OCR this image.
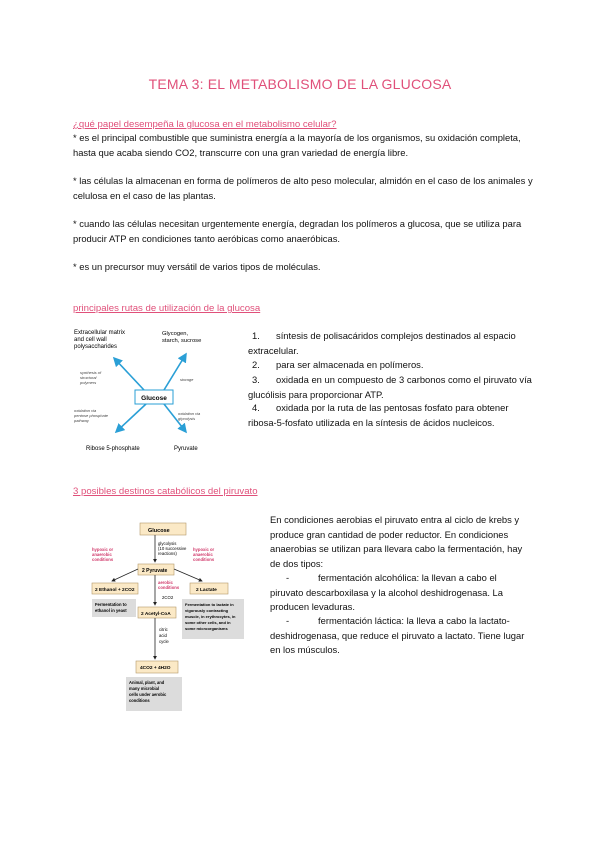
TEMA 3: EL METABOLISMO DE LA GLUCOSA
¿qué papel desempeña la glucosa en el metabolismo celular?
* es el principal combustible que suministra energía a la mayoría de los organismos, su oxidación completa, hasta que acaba siendo CO2, transcurre con una gran variedad de energía libre.
* las células la almacenan en forma de polímeros de alto peso molecular, almidón en el caso de los animales y celulosa en el caso de las plantas.
* cuando las células necesitan urgentemente energía, degradan los polímeros a glucosa, que se utiliza para producir ATP en condiciones tanto aeróbicas como anaeróbicas.
* es un precursor muy versátil de varios tipos de moléculas.
principales rutas de utilización de la glucosa
Glucose
Extracellular matrix
and cell wall
polysaccharides
Glycogen,
starch, sucrose
synthesis of
structural
polymers
storage
oxidation via
pentose phosphate
pathway
oxidation via
glycolysis
Ribose 5-phosphate	Pyruvate
1. síntesis de polisacáridos complejos destinados al espacio extracelular.
2. para ser almacenada en polímeros.
3. oxidada en un compuesto de 3 carbonos como el piruvato vía glucólisis para proporcionar ATP.
4. oxidada por la ruta de las pentosas fosfato para obtener ribosa-5-fosfato utilizada en la síntesis de ácidos nucleicos.
3 posibles destinos catabólicos del piruvato
Glucose
glycolysis
(10 successive
reactions)
2 Pyruvate
hypoxic or
anaerobic
conditions
hypoxic or
anaerobic
conditions
aerobic
conditions
2CO2
2 Ethanol + 2CO2	2 Lactate
Fermentation to
ethanol in yeast
Fermentation to lactate in
vigorously contracting
muscle, in erythrocytes, in
some other cells, and in
some microorganisms
2 Acetyl-CoA
citric
acid
cycle
4CO2 + 4H2O
Animal, plant, and
many microbial
cells under aerobic
conditions
En condiciones aerobias el piruvato entra al ciclo de krebs y produce gran cantidad de poder reductor. En condiciones anaerobias se utilizan para llevara cabo la fermentación, hay de dos tipos:
-	fermentación alcohólica: la llevan a cabo el piruvato descarboxilasa y la alcohol deshidrogenasa. La producen levaduras.
-	fermentación láctica: la lleva a cabo la lactato-deshidrogenasa, que reduce el piruvato a lactato. Tiene lugar en los músculos.
